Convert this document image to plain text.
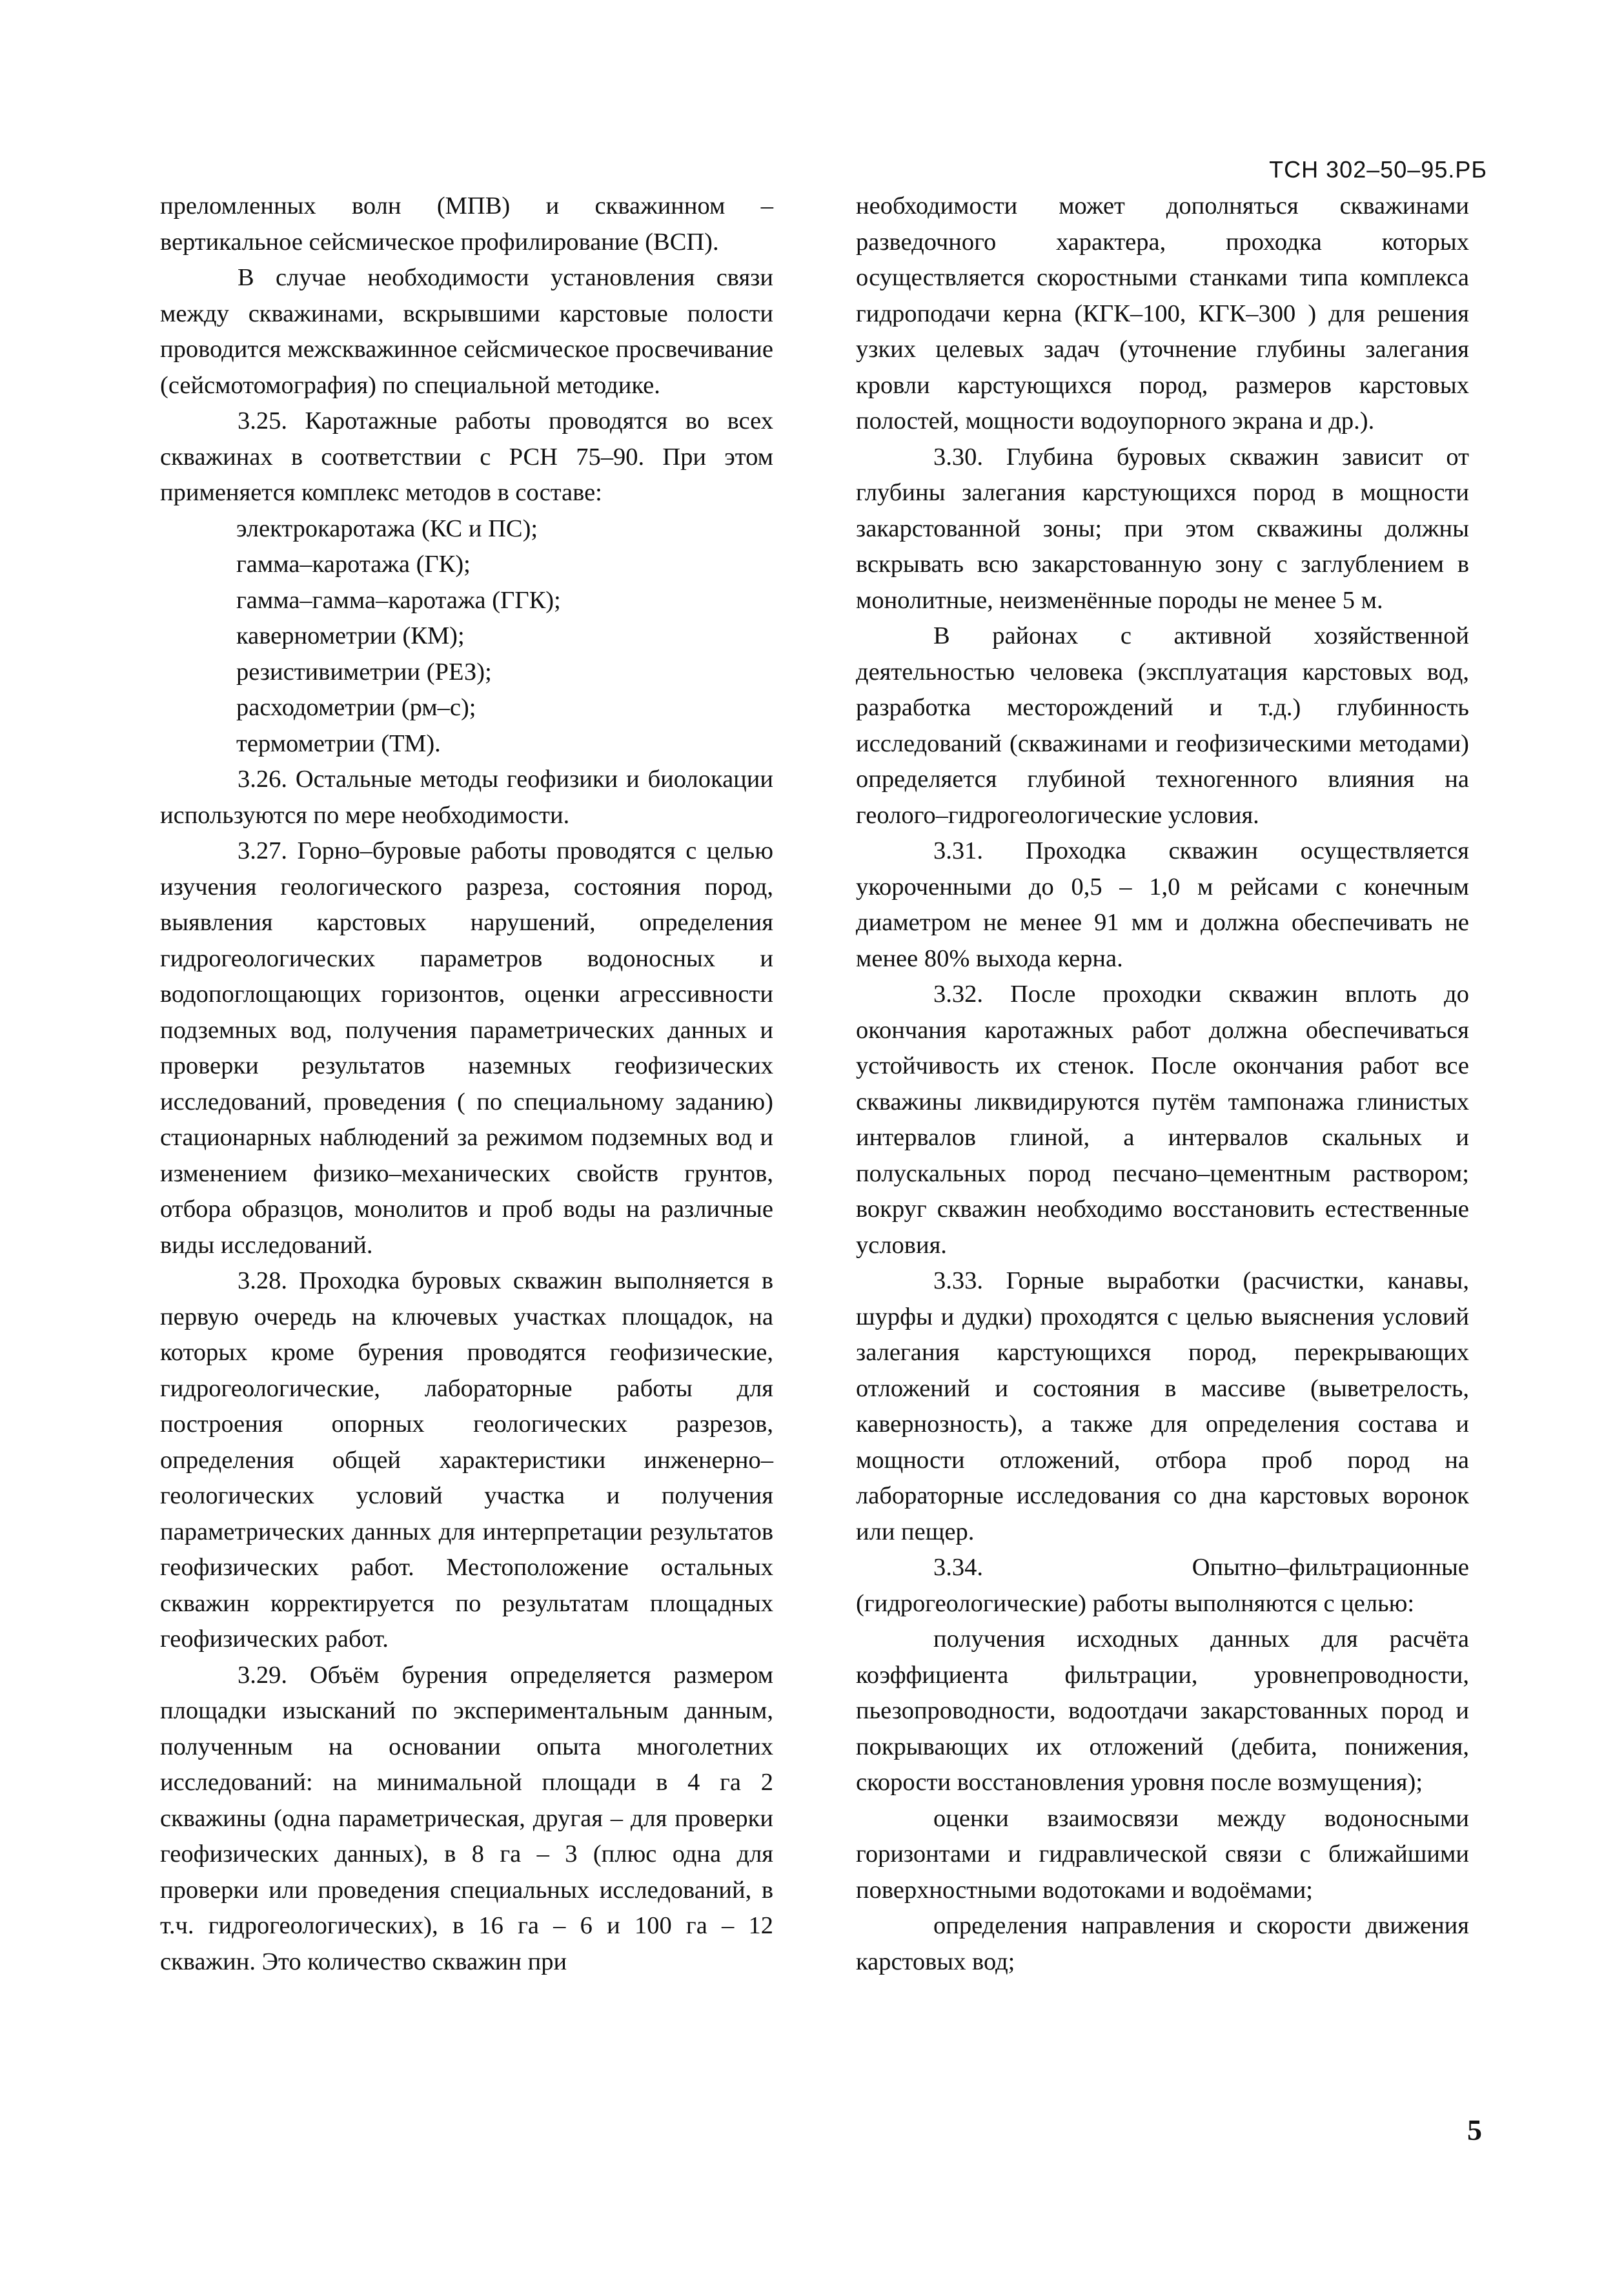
ТСН 302–50–95.РБ

преломленных волн (МПВ) и скважинном – вертикальное сейсмическое профилирование (ВСП).

В случае необходимости установления связи между скважинами, вскрывшими карстовые полости проводится межскважинное сейсмическое просвечивание (сейсмотомография) по специальной методике.

3.25. Каротажные работы проводятся во всех скважинах в соответствии с РСН 75–90. При этом применяется комплекс методов в составе:

электрокаротажа (КС и ПС);

гамма–каротажа (ГК);

гамма–гамма–каротажа (ГГК);

кавернометрии (КМ);

резистивиметрии (РЕЗ);

расходометрии (рм–с);

термометрии (ТМ).

3.26. Остальные методы геофизики и биолокации используются по мере необходимости.

3.27. Горно–буровые работы проводятся с целью изучения геологического разреза, состояния пород, выявления карстовых нарушений, определения гидрогеологических параметров водоносных и водопоглощающих горизонтов, оценки агрессивности подземных вод, получения параметрических данных и проверки результатов наземных геофизических исследований, проведения ( по специальному заданию) стационарных наблюдений за режимом подземных вод и изменением физико–механических свойств грунтов, отбора образцов, монолитов и проб воды на различные виды исследований.

3.28. Проходка буровых скважин выполняется в первую очередь на ключевых участках площадок, на которых кроме бурения проводятся геофизические, гидрогеологические, лабораторные работы для построения опорных геологических разрезов, определения общей характеристики инженерно–геологических условий участка и получения параметрических данных для интерпретации результатов геофизических работ. Местоположение остальных скважин корректируется по результатам площадных геофизических работ.

3.29. Объём бурения определяется размером площадки изысканий по экспериментальным данным, полученным на основании опыта многолетних исследований: на минимальной площади в 4 га 2 скважины (одна параметрическая, другая – для проверки геофизических данных), в 8 га – 3 (плюс одна для проверки или проведения специальных исследований, в т.ч. гидрогеологических), в 16 га – 6 и 100 га – 12 скважин. Это количество скважин при

необходимости может дополняться скважинами разведочного характера, проходка которых осуществляется скоростными станками типа комплекса гидроподачи керна (КГК–100, КГК–300 ) для решения узких целевых задач (уточнение глубины залегания кровли карстующихся пород, размеров карстовых полостей, мощности водоупорного экрана и др.).

3.30. Глубина буровых скважин зависит от глубины залегания карстующихся пород в мощности закарстованной зоны; при этом скважины должны вскрывать всю закарстованную зону с заглублением в монолитные, неизменённые породы не менее 5 м.

В районах с активной хозяйственной деятельностью человека (эксплуатация карстовых вод, разработка месторождений и т.д.) глубинность исследований (скважинами и геофизическими методами) определяется глубиной техногенного влияния на геолого–гидрогеологические условия.

3.31. Проходка скважин осуществляется укороченными до 0,5 – 1,0 м рейсами с конечным диаметром не менее 91 мм и должна обеспечивать не менее 80% выхода керна.

3.32. После проходки скважин вплоть до окончания каротажных работ должна обеспечиваться устойчивость их стенок. После окончания работ все скважины ликвидируются путём тампонажа глинистых интервалов глиной, а интервалов скальных и полускальных пород песчано–цементным раствором; вокруг скважин необходимо восстановить естественные условия.

3.33. Горные выработки (расчистки, канавы, шурфы и дудки) проходятся с целью выяснения условий залегания карстующихся пород, перекрывающих отложений и состояния в массиве (выветрелость, кавернозность), а также для определения состава и мощности отложений, отбора проб пород на лабораторные исследования со дна карстовых воронок или пещер.

3.34. Опытно–фильтрационные (гидрогеологические) работы выполняются с целью:

получения исходных данных для расчёта коэффициента фильтрации, уровнепроводности, пьезопроводности, водоотдачи закарстованных пород и покрывающих их отложений (дебита, понижения, скорости восстановления уровня после возмущения);

оценки взаимосвязи между водоносными горизонтами и гидравлической связи с ближайшими поверхностными водотоками и водоёмами;

определения направления и скорости движения карстовых вод;

5
